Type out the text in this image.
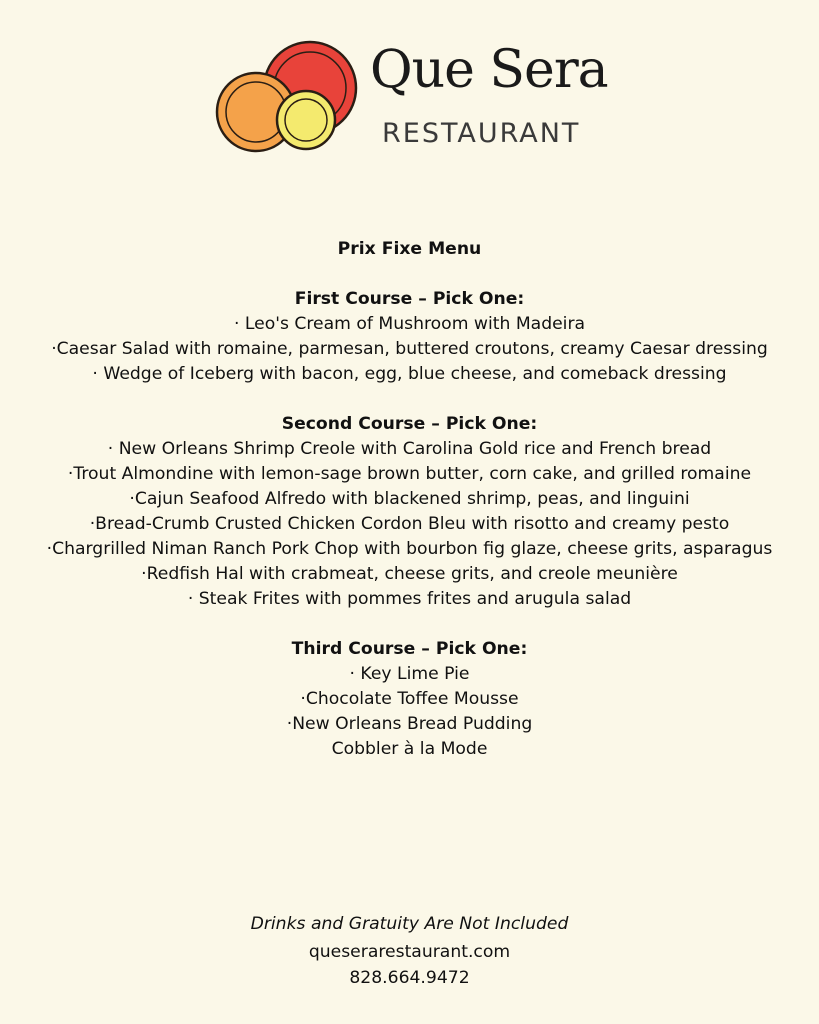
Que Sera
RESTAURANT

Prix Fixe Menu

First Course – Pick One:
· Leo's Cream of Mushroom with Madeira
·Caesar Salad with romaine, parmesan, buttered croutons, creamy Caesar dressing
· Wedge of Iceberg with bacon, egg, blue cheese, and comeback dressing
Second Course – Pick One:
· New Orleans Shrimp Creole with Carolina Gold rice and French bread
·Trout Almondine with lemon-sage brown butter, corn cake, and grilled romaine
·Cajun Seafood Alfredo with blackened shrimp, peas, and linguini
·Bread-Crumb Crusted Chicken Cordon Bleu with risotto and creamy pesto
·Chargrilled Niman Ranch Pork Chop with bourbon fig glaze, cheese grits, asparagus
·Redfish Hal with crabmeat, cheese grits, and creole meunière
· Steak Frites with pommes frites and arugula salad
Third Course – Pick One:
· Key Lime Pie
·Chocolate Toffee Mousse
·New Orleans Bread Pudding
Cobbler à la Mode
Drinks and Gratuity Are Not Included
queserarestaurant.com
828.664.9472
